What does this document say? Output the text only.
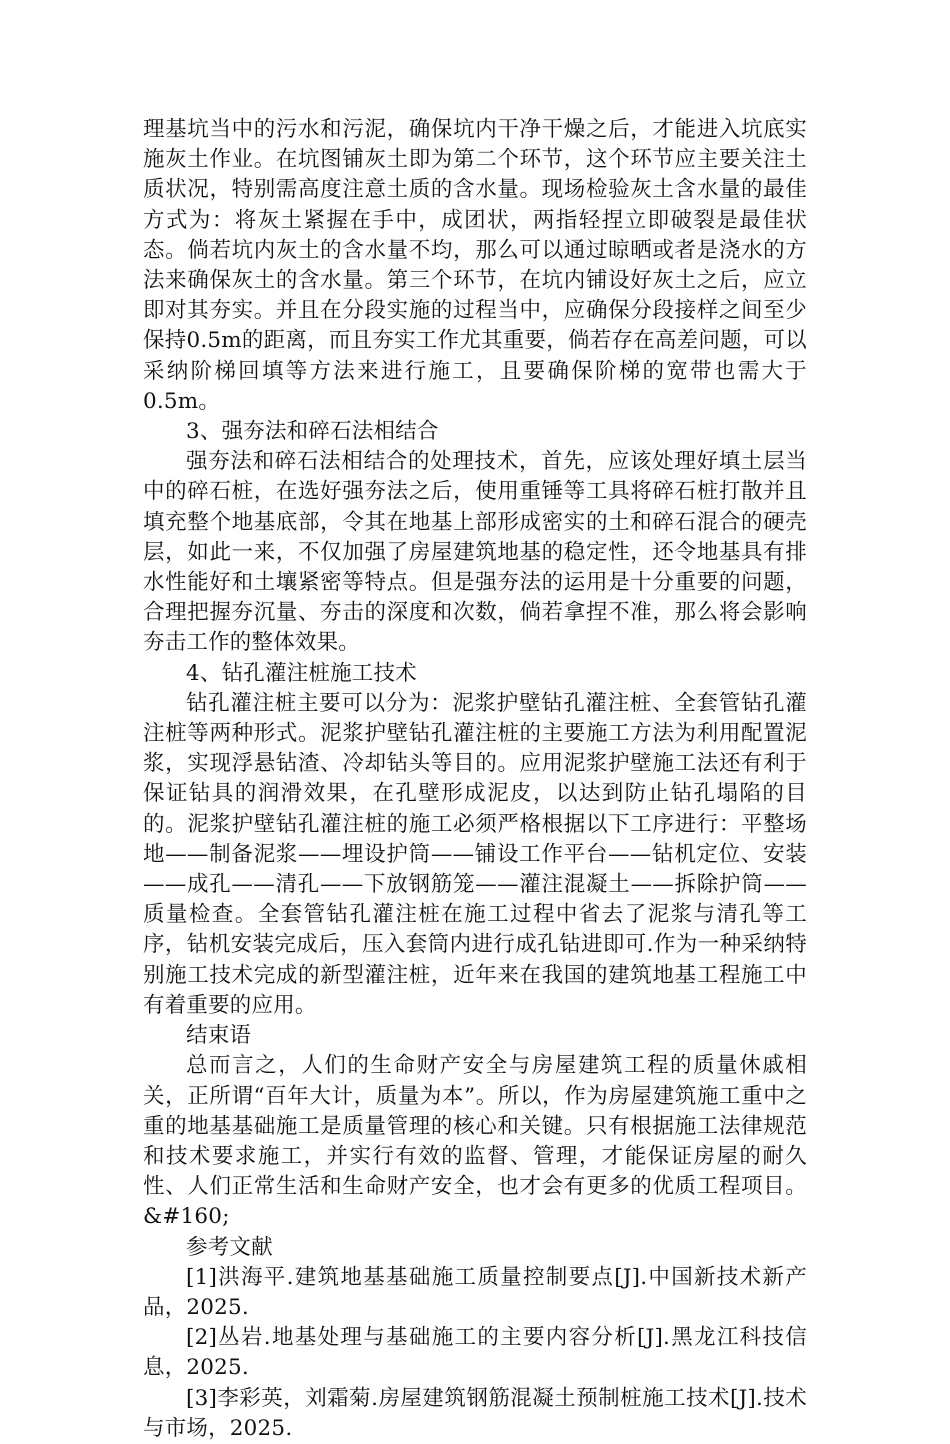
理基坑当中的污水和污泥，确保坑内干净干燥之后，才能进入坑底实施灰土作业。在坑图铺灰土即为第二个环节，这个环节应主要关注土质状况，特别需高度注意土质的含水量。现场检验灰土含水量的最佳方式为：将灰土紧握在手中，成团状，两指轻捏立即破裂是最佳状态。倘若坑内灰土的含水量不均，那么可以通过晾晒或者是浇水的方法来确保灰土的含水量。第三个环节，在坑内铺设好灰土之后，应立即对其夯实。并且在分段实施的过程当中，应确保分段接样之间至少保持0.5m的距离，而且夯实工作尤其重要，倘若存在高差问题，可以采纳阶梯回填等方法来进行施工，且要确保阶梯的宽带也需大于0.5m。

3、强夯法和碎石法相结合

强夯法和碎石法相结合的处理技术，首先，应该处理好填土层当中的碎石桩，在选好强夯法之后，使用重锤等工具将碎石桩打散并且填充整个地基底部，令其在地基上部形成密实的土和碎石混合的硬壳层，如此一来，不仅加强了房屋建筑地基的稳定性，还令地基具有排水性能好和土壤紧密等特点。但是强夯法的运用是十分重要的问题，合理把握夯沉量、夯击的深度和次数，倘若拿捏不准，那么将会影响夯击工作的整体效果。

4、钻孔灌注桩施工技术

钻孔灌注桩主要可以分为：泥浆护壁钻孔灌注桩、全套管钻孔灌注桩等两种形式。泥浆护壁钻孔灌注桩的主要施工方法为利用配置泥浆，实现浮悬钻渣、冷却钻头等目的。应用泥浆护壁施工法还有利于保证钻具的润滑效果，在孔壁形成泥皮，以达到防止钻孔塌陷的目的。泥浆护壁钻孔灌注桩的施工必须严格根据以下工序进行：平整场地——制备泥浆——埋设护筒——铺设工作平台——钻机定位、安装——成孔——清孔——下放钢筋笼——灌注混凝土——拆除护筒——质量检查。全套管钻孔灌注桩在施工过程中省去了泥浆与清孔等工序，钻机安装完成后，压入套筒内进行成孔钻进即可.作为一种采纳特别施工技术完成的新型灌注桩，近年来在我国的建筑地基工程施工中有着重要的应用。

结束语

总而言之，人们的生命财产安全与房屋建筑工程的质量休戚相关，正所谓“百年大计，质量为本”。所以，作为房屋建筑施工重中之重的地基基础施工是质量管理的核心和关键。只有根据施工法律规范和技术要求施工，并实行有效的监督、管理，才能保证房屋的耐久性、人们正常生活和生命财产安全，也才会有更多的优质工程项目。&#160;

参考文献

[1]洪海平.建筑地基基础施工质量控制要点[J].中国新技术新产品，2025.

[2]丛岩.地基处理与基础施工的主要内容分析[J].黑龙江科技信息，2025.

[3]李彩英，刘霜菊.房屋建筑钢筋混凝土预制桩施工技术[J].技术与市场，2025.
